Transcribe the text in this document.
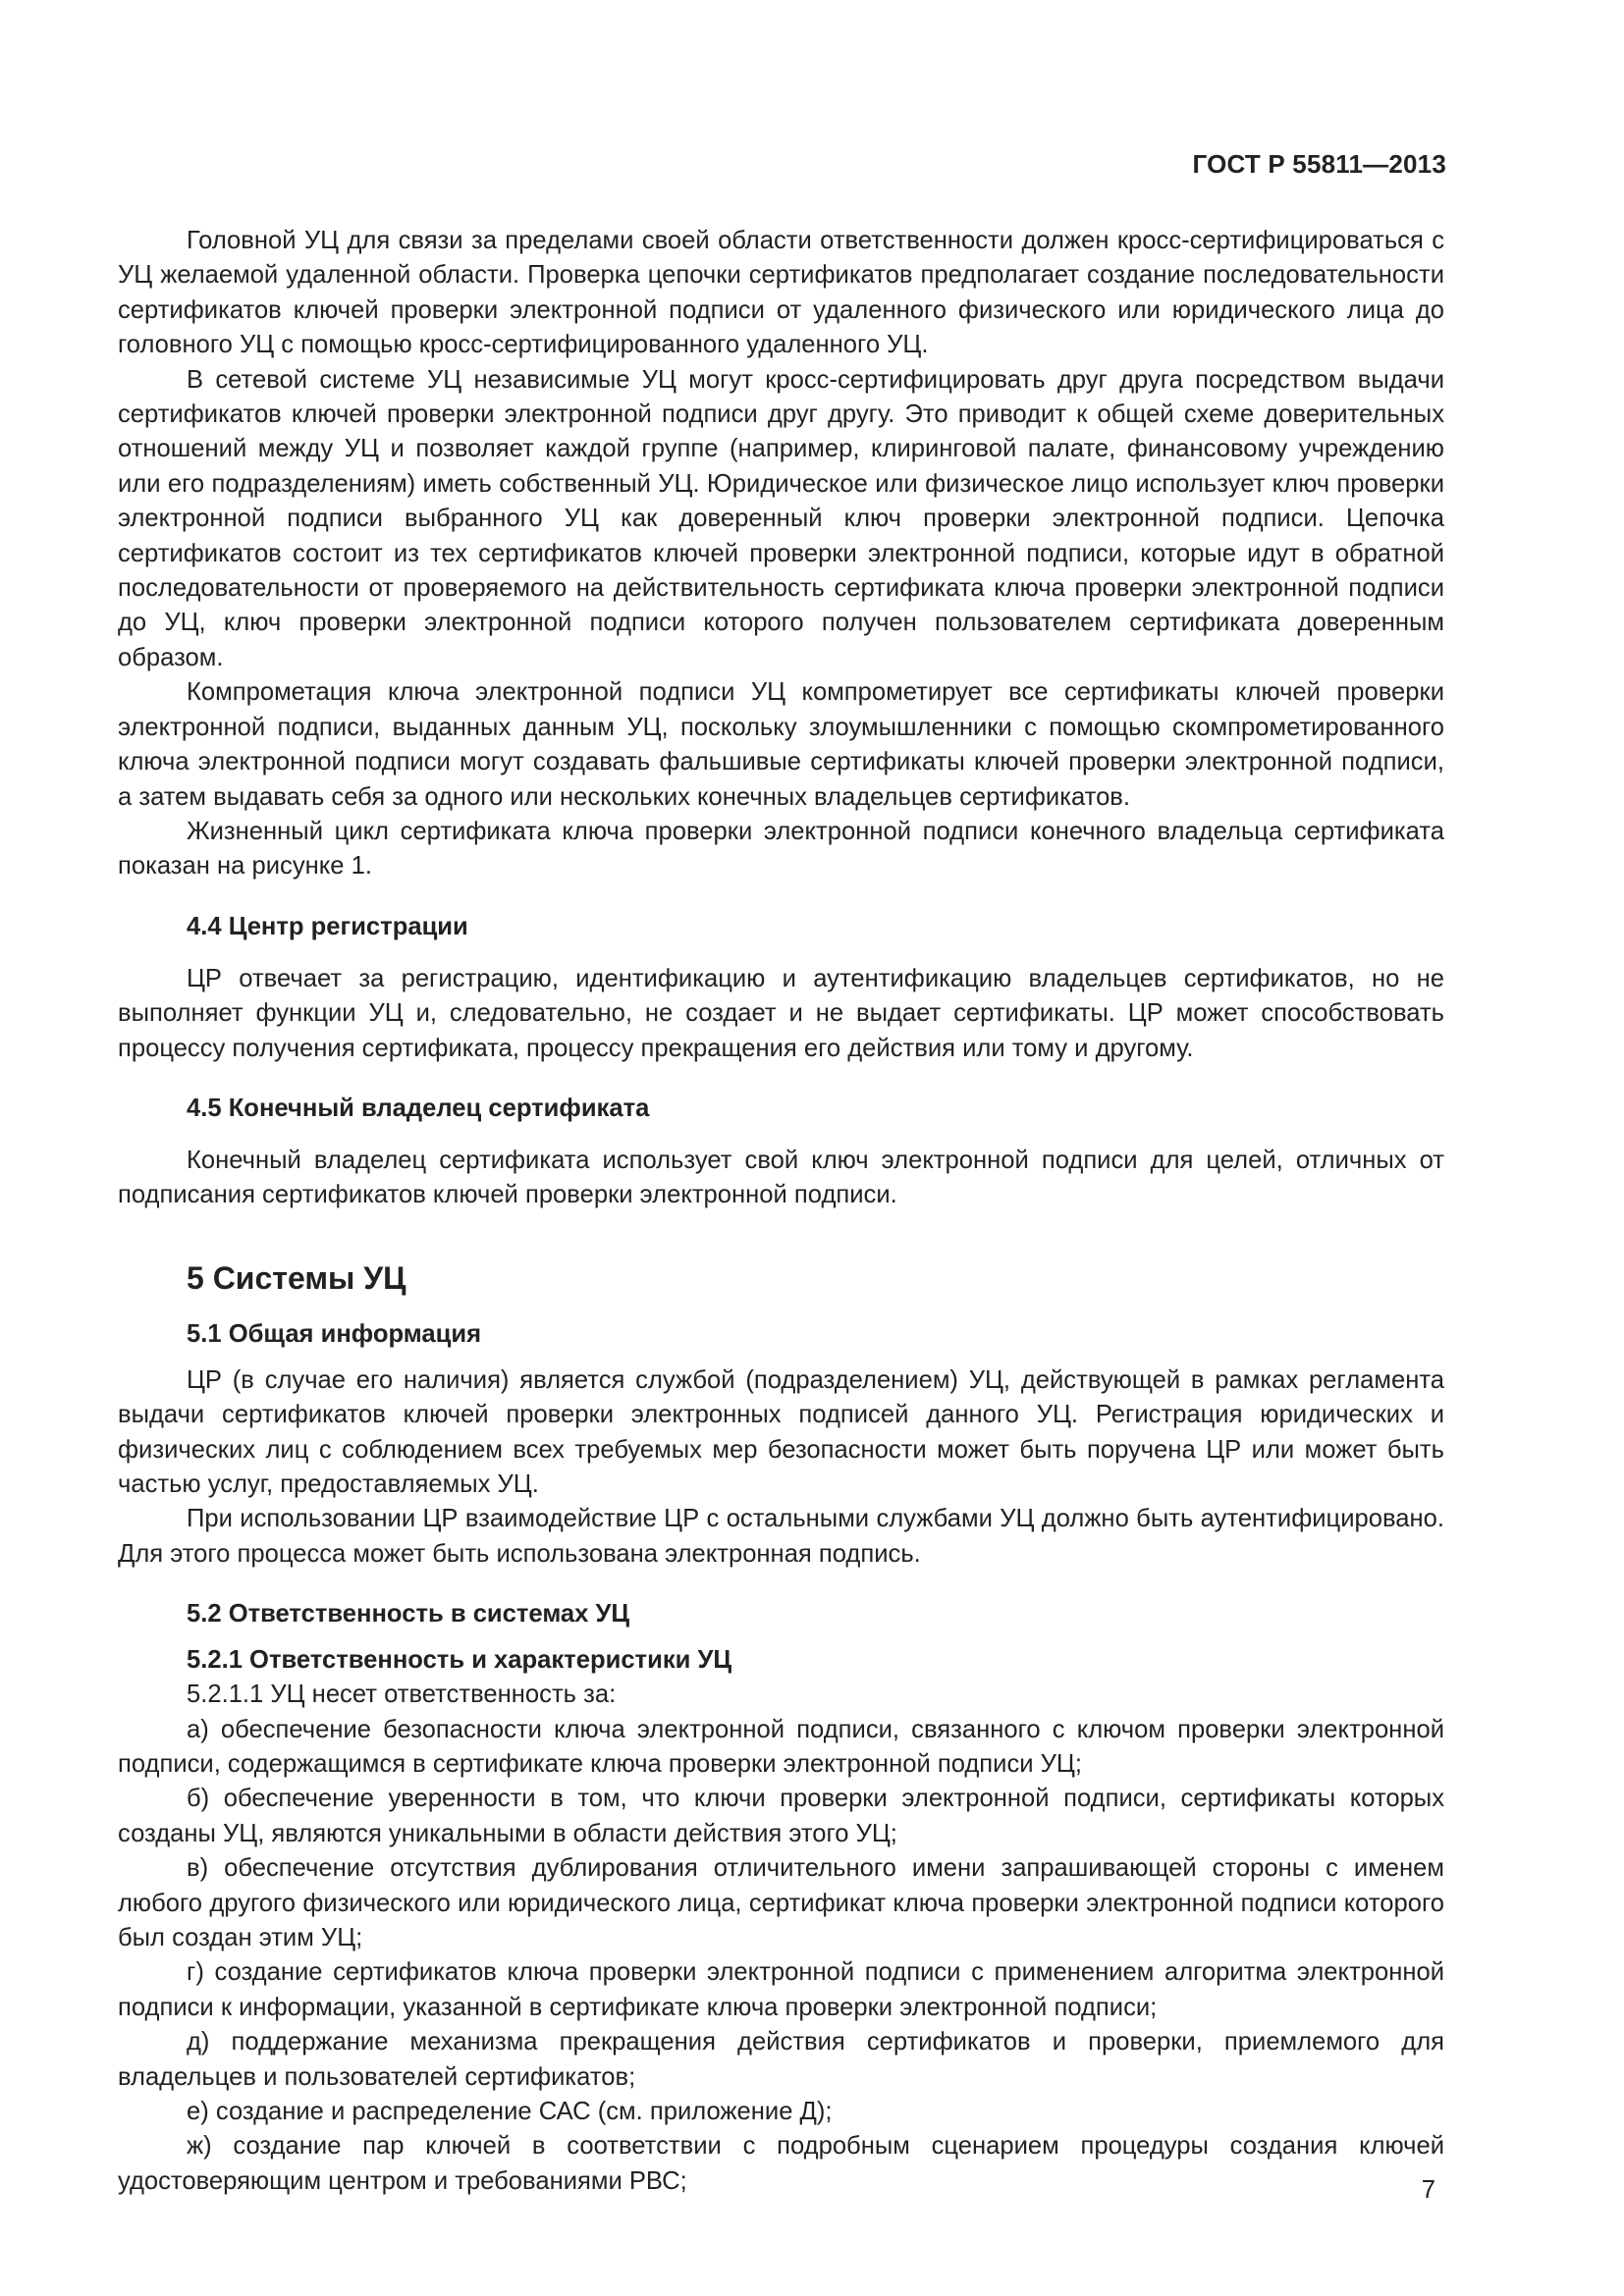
ГОСТ Р 55811—2013

Головной УЦ для связи за пределами своей области ответственности должен кросс-сертифицироваться с УЦ желаемой удаленной области. Проверка цепочки сертификатов предполагает создание последовательности сертификатов ключей проверки электронной подписи от удаленного физического или юридического лица до головного УЦ с помощью кросс-сертифицированного удаленного УЦ.

В сетевой системе УЦ независимые УЦ могут кросс-сертифицировать друг друга посредством выдачи сертификатов ключей проверки электронной подписи друг другу. Это приводит к общей схеме доверительных отношений между УЦ и позволяет каждой группе (например, клиринговой палате, финансовому учреждению или его подразделениям) иметь собственный УЦ. Юридическое или физическое лицо использует ключ проверки электронной подписи выбранного УЦ как доверенный ключ проверки электронной подписи. Цепочка сертификатов состоит из тех сертификатов ключей проверки электронной подписи, которые идут в обратной последовательности от проверяемого на действительность сертификата ключа проверки электронной подписи до УЦ, ключ проверки электронной подписи которого получен пользователем сертификата доверенным образом.

Компрометация ключа электронной подписи УЦ компрометирует все сертификаты ключей проверки электронной подписи, выданных данным УЦ, поскольку злоумышленники с помощью скомпрометированного ключа электронной подписи могут создавать фальшивые сертификаты ключей проверки электронной подписи, а затем выдавать себя за одного или нескольких конечных владельцев сертификатов.

Жизненный цикл сертификата ключа проверки электронной подписи конечного владельца сертификата показан на рисунке 1.

4.4 Центр регистрации

ЦР отвечает за регистрацию, идентификацию и аутентификацию владельцев сертификатов, но не выполняет функции УЦ и, следовательно, не создает и не выдает сертификаты. ЦР может способствовать процессу получения сертификата, процессу прекращения его действия или тому и другому.

4.5 Конечный владелец сертификата

Конечный владелец сертификата использует свой ключ электронной подписи для целей, отличных от подписания сертификатов ключей проверки электронной подписи.

5 Системы УЦ
5.1 Общая информация

ЦР (в случае его наличия) является службой (подразделением) УЦ, действующей в рамках регламента выдачи сертификатов ключей проверки электронных подписей данного УЦ. Регистрация юридических и физических лиц с соблюдением всех требуемых мер безопасности может быть поручена ЦР или может быть частью услуг, предоставляемых УЦ.

При использовании ЦР взаимодействие ЦР с остальными службами УЦ должно быть аутентифицировано. Для этого процесса может быть использована электронная подпись.

5.2 Ответственность в системах УЦ
5.2.1 Ответственность и характеристики УЦ

5.2.1.1 УЦ несет ответственность за:

а) обеспечение безопасности ключа электронной подписи, связанного с ключом проверки электронной подписи, содержащимся в сертификате ключа проверки электронной подписи УЦ;

б) обеспечение уверенности в том, что ключи проверки электронной подписи, сертификаты которых созданы УЦ, являются уникальными в области действия этого УЦ;

в) обеспечение отсутствия дублирования отличительного имени запрашивающей стороны с именем любого другого физического или юридического лица, сертификат ключа проверки электронной подписи которого был создан этим УЦ;

г) создание сертификатов ключа проверки электронной подписи с применением алгоритма электронной подписи к информации, указанной в сертификате ключа проверки электронной подписи;

д) поддержание механизма прекращения действия сертификатов и проверки, приемлемого для владельцев и пользователей сертификатов;

е) создание и распределение САС (см. приложение Д);

ж) создание пар ключей в соответствии с подробным сценарием процедуры создания ключей удостоверяющим центром и требованиями РВС;	7
